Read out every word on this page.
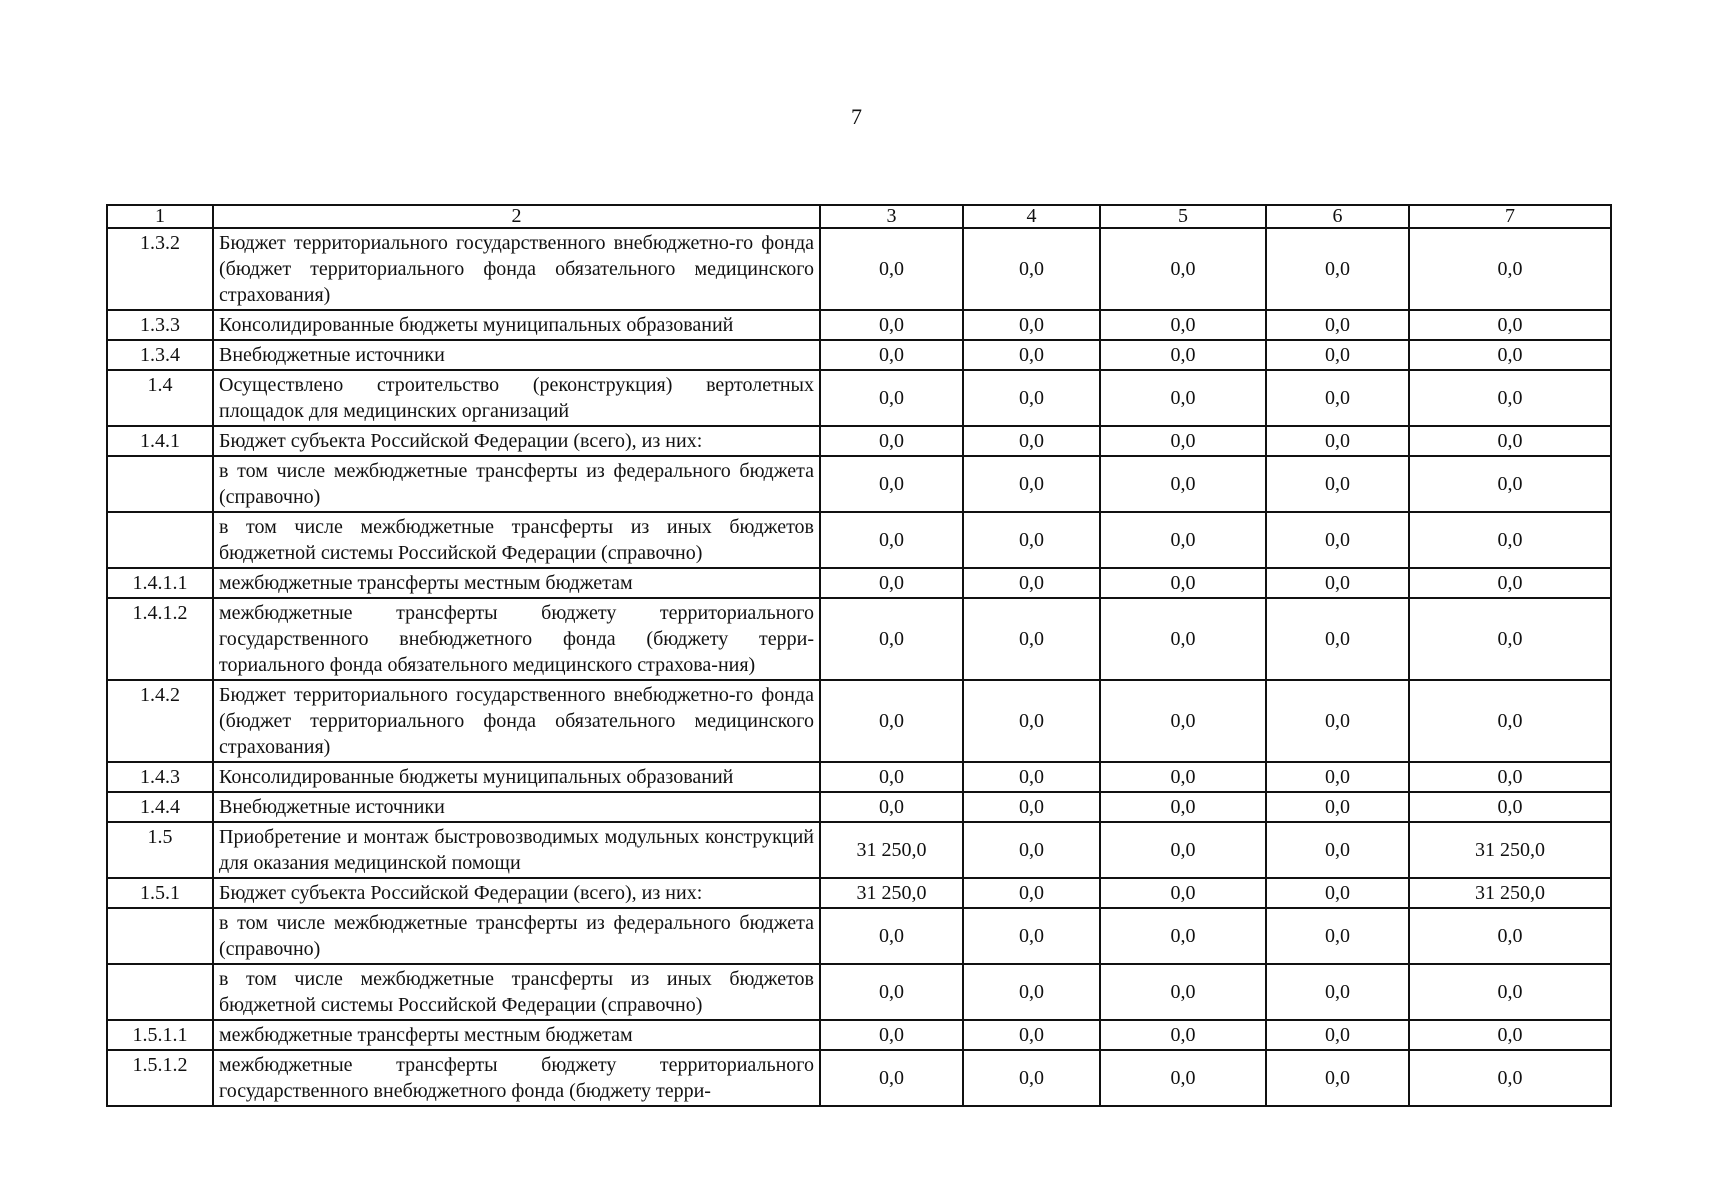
7
1	2	3	4	5	6	7
1.3.2	Бюджет территориального государственного внебюджетно-го фонда (бюджет территориального фонда обязательного медицинского страхования)	0,0	0,0	0,0	0,0	0,0
1.3.3	Консолидированные бюджеты муниципальных образований	0,0	0,0	0,0	0,0	0,0
1.3.4	Внебюджетные источники	0,0	0,0	0,0	0,0	0,0
1.4	Осуществлено строительство (реконструкция) вертолетных площадок для медицинских организаций	0,0	0,0	0,0	0,0	0,0
1.4.1	Бюджет субъекта Российской Федерации (всего), из них:	0,0	0,0	0,0	0,0	0,0
	в том числе межбюджетные трансферты из федерального бюджета (справочно)	0,0	0,0	0,0	0,0	0,0
	в том числе межбюджетные трансферты из иных бюджетов бюджетной системы Российской Федерации (справочно)	0,0	0,0	0,0	0,0	0,0
1.4.1.1	межбюджетные трансферты местным бюджетам	0,0	0,0	0,0	0,0	0,0
1.4.1.2	межбюджетные трансферты бюджету территориального государственного внебюджетного фонда (бюджету терри-ториального фонда обязательного медицинского страхова-ния)	0,0	0,0	0,0	0,0	0,0
1.4.2	Бюджет территориального государственного внебюджетно-го фонда (бюджет территориального фонда обязательного медицинского страхования)	0,0	0,0	0,0	0,0	0,0
1.4.3	Консолидированные бюджеты муниципальных образований	0,0	0,0	0,0	0,0	0,0
1.4.4	Внебюджетные источники	0,0	0,0	0,0	0,0	0,0
1.5	Приобретение и монтаж быстровозводимых модульных конструкций для оказания медицинской помощи	31 250,0	0,0	0,0	0,0	31 250,0
1.5.1	Бюджет субъекта Российской Федерации (всего), из них:	31 250,0	0,0	0,0	0,0	31 250,0
	в том числе межбюджетные трансферты из федерального бюджета (справочно)	0,0	0,0	0,0	0,0	0,0
	в том числе межбюджетные трансферты из иных бюджетов бюджетной системы Российской Федерации (справочно)	0,0	0,0	0,0	0,0	0,0
1.5.1.1	межбюджетные трансферты местным бюджетам	0,0	0,0	0,0	0,0	0,0
1.5.1.2	межбюджетные трансферты бюджету территориального государственного внебюджетного фонда (бюджету терри-	0,0	0,0	0,0	0,0	0,0
